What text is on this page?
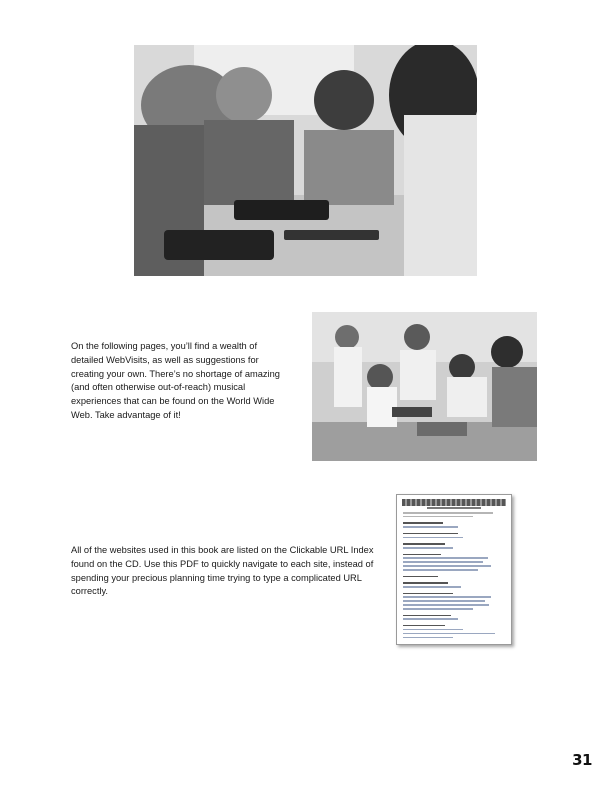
On the following pages, you’ll find a wealth of detailed WebVisits, as well as suggestions for creating your own. There’s no shortage of amazing (and often otherwise out-of-reach) musical experiences that can be found on the World Wide Web. Take advantage of it!

All of the websites used in this book are listed on the Clickable URL Index found on the CD. Use this PDF to quickly navigate to each site, instead of spending your precious planning time trying to type a complicated URL correctly.

31
